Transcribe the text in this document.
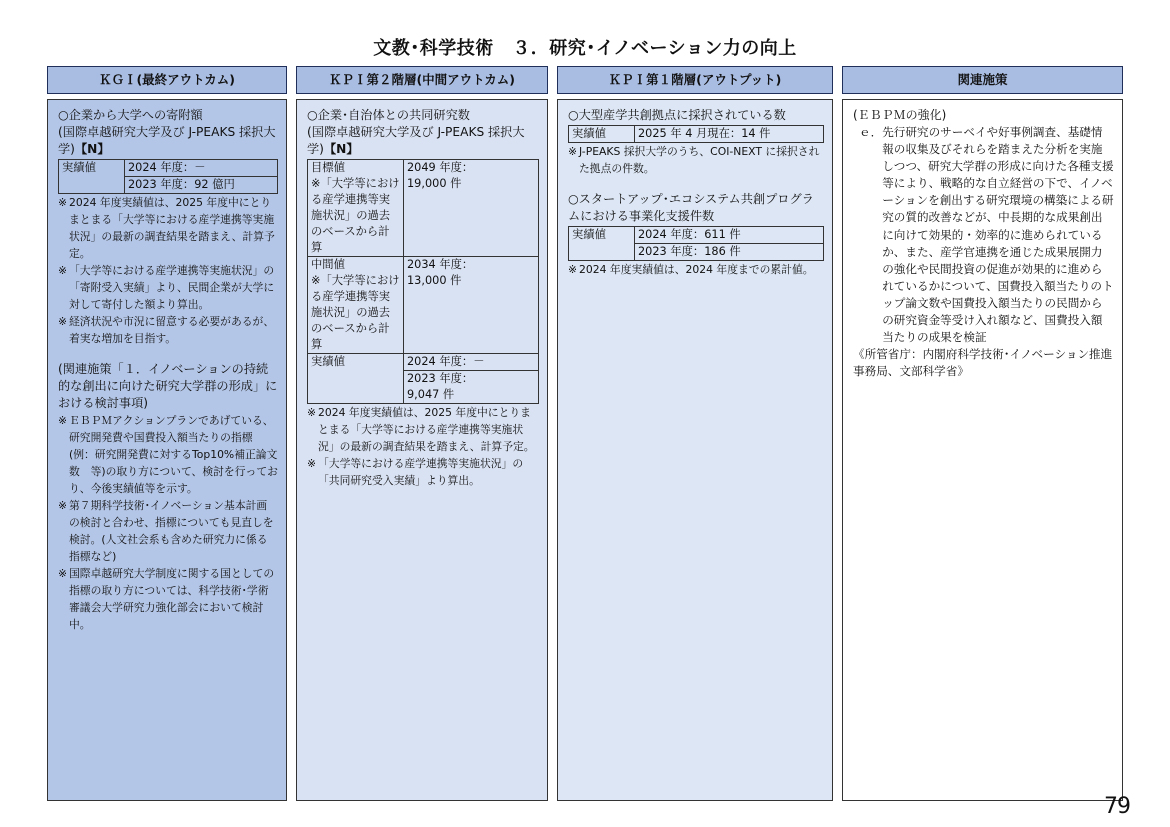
文教･科学技術　３．研究･イノベーション力の向上
ＫＧＩ(最終アウトカム)	ＫＰＩ第２階層(中間アウトカム)	ＫＰＩ第１階層(アウトプット)	関連施策
○企業から大学への寄附額
(国際卓越研究大学及び J-PEAKS 採択大学)【N】
実績値	2024 年度：－
2023 年度：92 億円
※ 2024 年度実績値は、2025 年度中にとりまとまる「大学等における産学連携等実施状況」の最新の調査結果を踏まえ、計算予定。
※ 「大学等における産学連携等実施状況」の「寄附受入実績」より、民間企業が大学に対して寄付した額より算出。
※ 経済状況や市況に留意する必要があるが、着実な増加を目指す。
(関連施策「１．イノベーションの持続的な創出に向けた研究大学群の形成」における検討事項)
※ ＥＢＰＭアクションプランであげている、研究開発費や国費投入額当たりの指標(例：研究開発費に対するTop10%補正論文数　等)の取り方について、検討を行っており、今後実績値等を示す。
※ 第７期科学技術･イノベーション基本計画の検討と合わせ、指標についても見直しを検討。(人文社会系も含めた研究力に係る指標など)
※ 国際卓越研究大学制度に関する国としての指標の取り方については、科学技術･学術審議会大学研究力強化部会において検討中。
○企業･自治体との共同研究数
(国際卓越研究大学及び J-PEAKS 採択大学)【N】
目標値
※「大学等における産学連携等実施状況」の過去のベースから計算	2049 年度：
19,000 件
中間値
※「大学等における産学連携等実施状況」の過去のベースから計算	2034 年度：
13,000 件
実績値	2024 年度：－
	2023 年度：
9,047 件
※ 2024 年度実績値は、2025 年度中にとりまとまる「大学等における産学連携等実施状況」の最新の調査結果を踏まえ、計算予定。
※ 「大学等における産学連携等実施状況」の「共同研究受入実績」より算出。
○大型産学共創拠点に採択されている数
実績値	2025 年 4 月現在：14 件
※ J-PEAKS 採択大学のうち、COI-NEXT に採択された拠点の件数。
○スタートアップ･エコシステム共創プログラムにおける事業化支援件数
実績値	2024 年度：611 件
2023 年度：186 件
※ 2024 年度実績値は、2024 年度までの累計値。
(ＥＢＰＭの強化)
ｅ． 先行研究のサーベイや好事例調査、基礎情報の収集及びそれらを踏まえた分析を実施しつつ、研究大学群の形成に向けた各種支援等により、戦略的な自立経営の下で、イノベーションを創出する研究環境の構築による研究の質的改善などが、中長期的な成果創出に向けて効果的・効率的に進められているか、また、産学官連携を通じた成果展開力の強化や民間投資の促進が効果的に進められているかについて、国費投入額当たりのトップ論文数や国費投入額当たりの民間からの研究資金等受け入れ額など、国費投入額当たりの成果を検証
《所管省庁：内閣府科学技術･イノベーション推進事務局、文部科学省》
79
